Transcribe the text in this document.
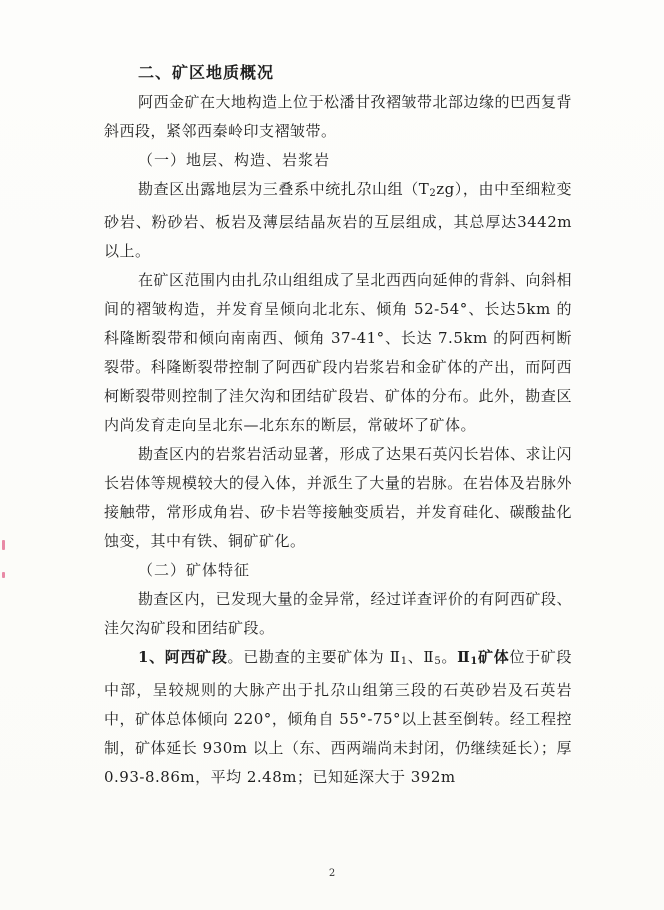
二、矿区地质概况

阿西金矿在大地构造上位于松潘甘孜褶皱带北部边缘的巴西复背斜西段，紧邻西秦岭印支褶皱带。

（一）地层、构造、岩浆岩

勘查区出露地层为三叠系中统扎尕山组$(T_2zg)$，由中至细粒变砂岩、粉砂岩、板岩及薄层结晶灰岩的互层组成，其总厚达3442m 以上。

在矿区范围内由扎尕山组组成了呈北西西向延伸的背斜、向斜相间的褶皱构造，并发育呈倾向北北东、倾角 52-54°、长达5km 的科隆断裂带和倾向南南西、倾角 37-41°、长达 7.5km 的阿西柯断裂带。科隆断裂带控制了阿西矿段内岩浆岩和金矿体的产出，而阿西柯断裂带则控制了洼欠沟和团结矿段岩、矿体的分布。此外，勘查区内尚发育走向呈北东—北东东的断层，常破坏了矿体。

勘查区内的岩浆岩活动显著，形成了达果石英闪长岩体、求让闪长岩体等规模较大的侵入体，并派生了大量的岩脉。在岩体及岩脉外接触带，常形成角岩、矽卡岩等接触变质岩，并发育硅化、碳酸盐化蚀变，其中有铁、铜矿矿化。

（二）矿体特征

勘查区内，已发现大量的金异常，经过详查评价的有阿西矿段、洼欠沟矿段和团结矿段。

1、阿西矿段。已勘查的主要矿体为 $Ⅱ_1$、$Ⅱ_5$。$Ⅱ_1$矿体位于矿段中部，呈较规则的大脉产出于扎尕山组第三段的石英砂岩及石英岩中，矿体总体倾向 220°，倾角自 55°-75°以上甚至倒转。经工程控制，矿体延长 930m 以上（东、西两端尚未封闭，仍继续延长）；厚 0.93-8.86m，平均 2.48m；已知延深大于 392m

2
